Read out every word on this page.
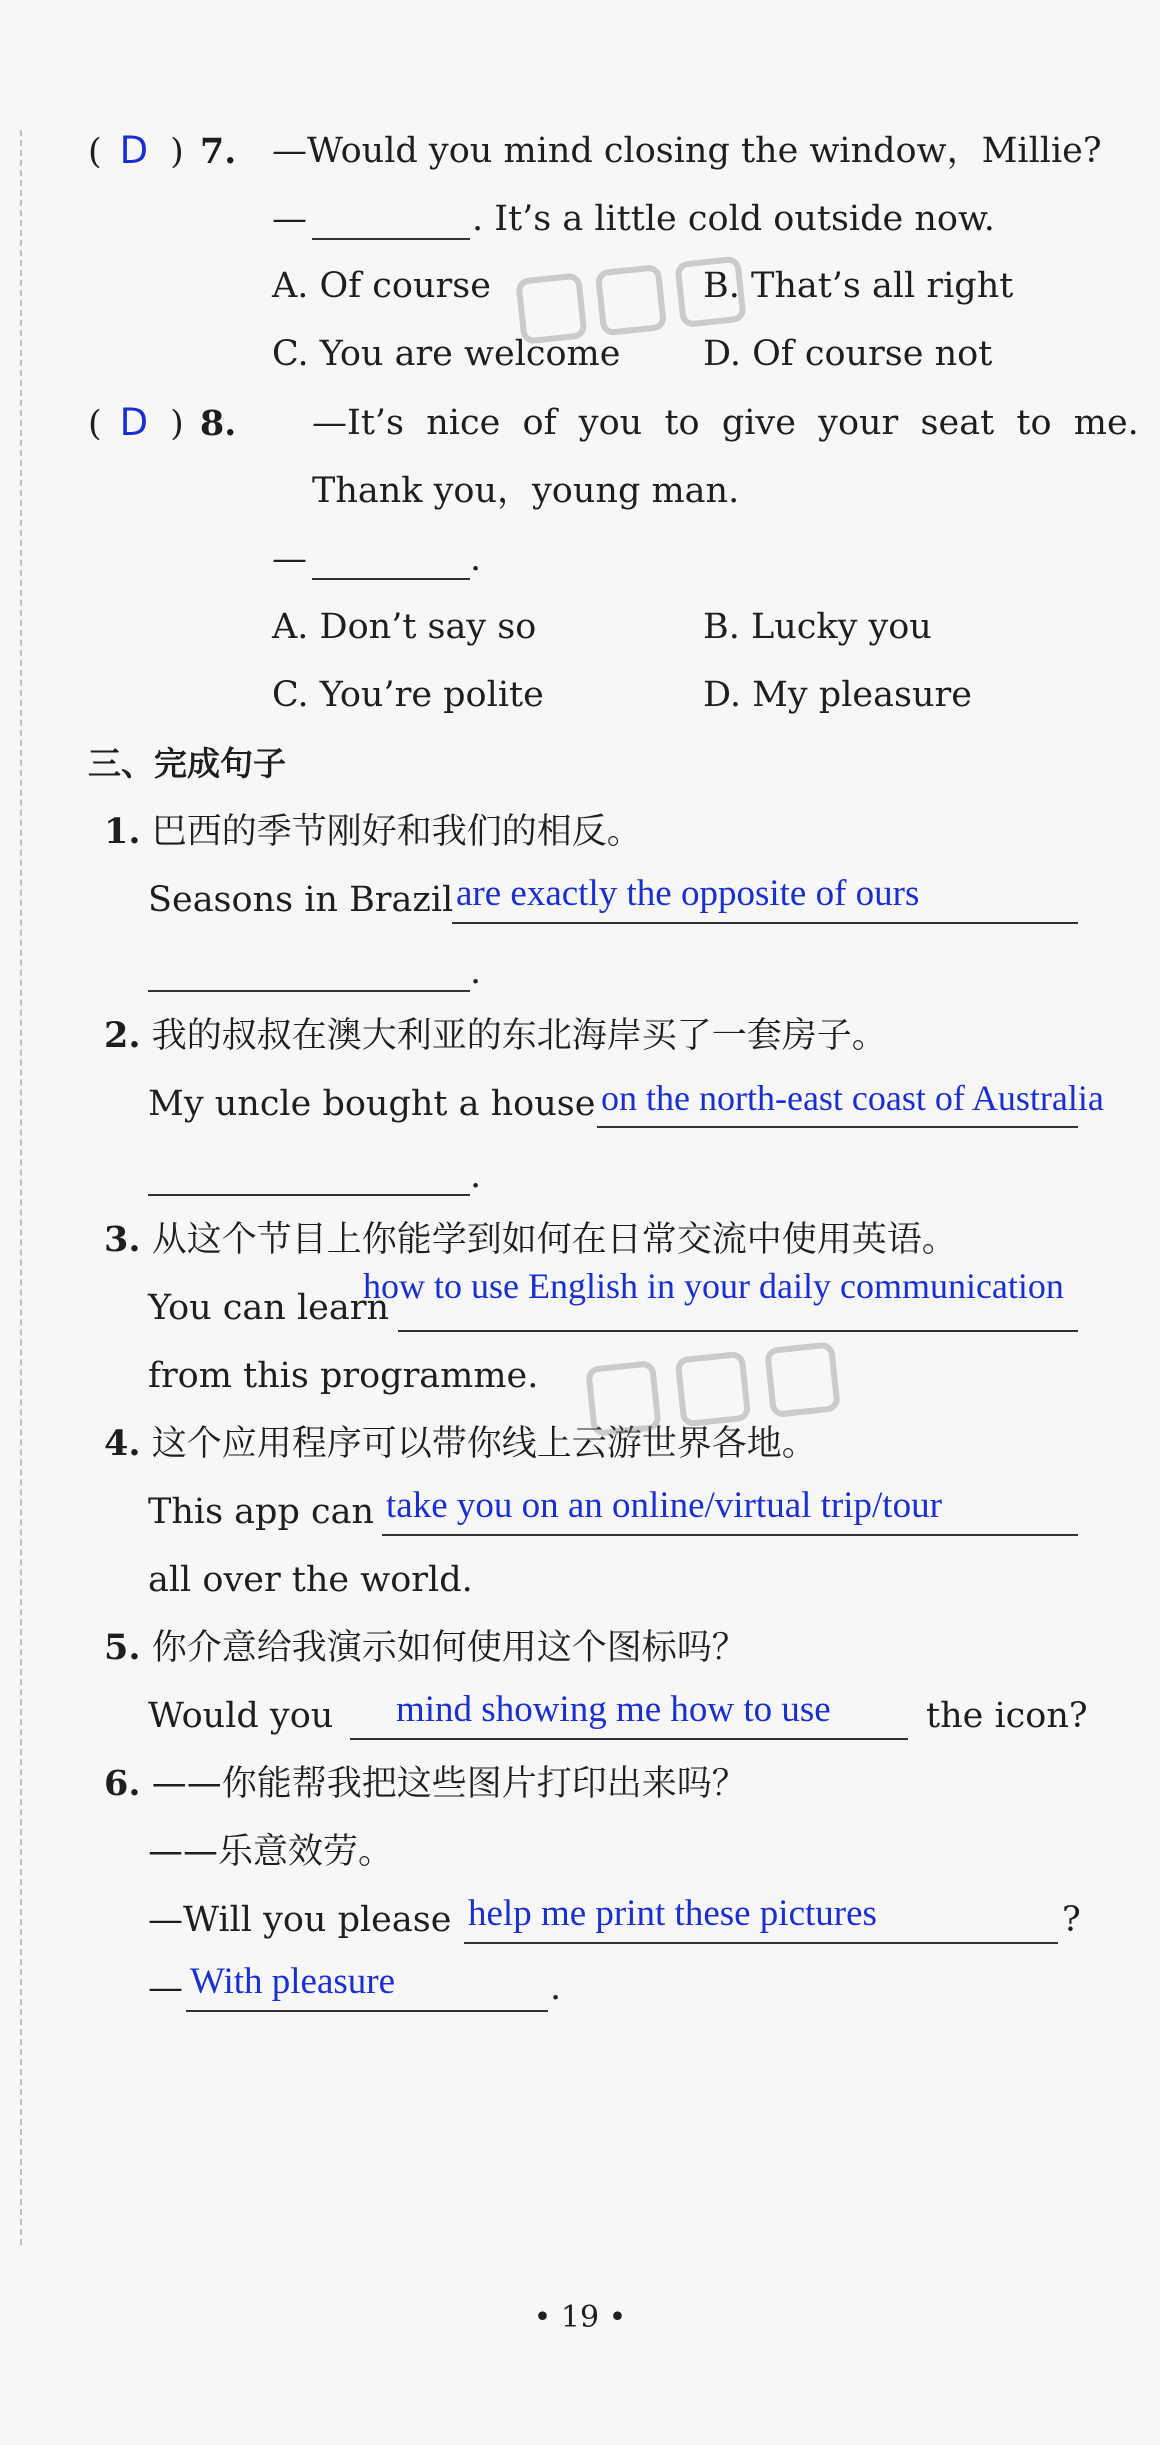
( D ) 7. —Would you mind closing the window，Millie?
—	. It’s a little cold outside now.
A. Of course	B. That’s all right
C. You are welcome D. Of course not
( D ) 8. —It’s  nice  of  you  to  give  your  seat  to  me.
Thank you，young man.
—	.
A. Don’t say so	B. Lucky you
C. You’re polite	D. My pleasure
三、完成句子
1. 巴西的季节刚好和我们的相反。
Seasons in Brazil are exactly the opposite of ours
.
2. 我的叔叔在澳大利亚的东北海岸买了一套房子。
My uncle bought a house on the north-east coast of Australia
.
3. 从这个节目上你能学到如何在日常交流中使用英语。
You can learn
how to use English in your daily communication
from this programme.
4. 这个应用程序可以带你线上云游世界各地。
This app can take you on an online/virtual trip/tour
all over the world.
5. 你介意给我演示如何使用这个图标吗？
Would you mind showing me how to use	the icon?
6. ——你能帮我把这些图片打印出来吗？
——乐意效劳。
—Will you please help me print these pictures	?
— With pleasure	.
• 19 •
